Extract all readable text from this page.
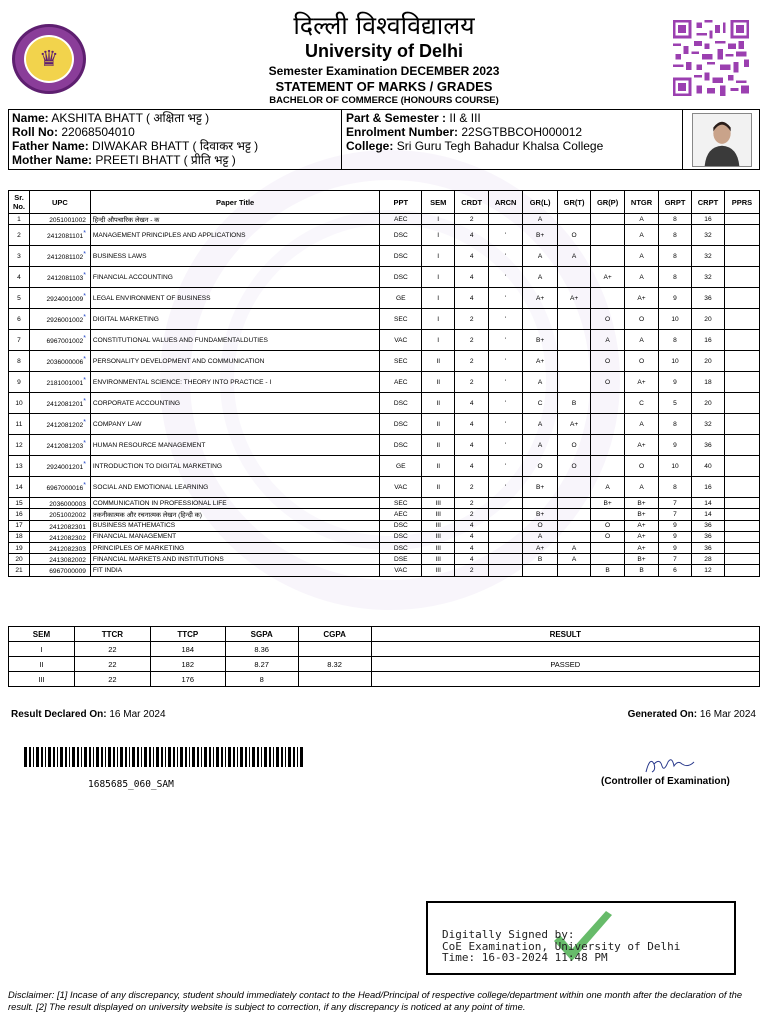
♛
दिल्ली विश्वविद्यालय
University of Delhi
Semester Examination DECEMBER 2023
STATEMENT OF MARKS / GRADES
BACHELOR OF COMMERCE (HONOURS COURSE)
Name: AKSHITA BHATT ( अक्षिता भट्ट )
Roll No: 22068504010
Father Name: DIWAKAR BHATT ( दिवाकर भट्ट )
Mother Name: PREETI BHATT ( प्रीति भट्ट )
Part & Semester : II & III
Enrolment Number: 22SGTBBCOH000012
College: Sri Guru Tegh Bahadur Khalsa College
Sr. No.	UPC	Paper Title	PPT	SEM	CRDT	ARCN	GR(L)	GR(T)	GR(P)	NTGR	GRPT	CRPT	PPRS
1	2051001002	हिन्दी औपचारिक लेखन - क	AEC	I	2		A			A	8	16	
2	2412081101*	MANAGEMENT PRINCIPLES AND APPLICATIONS	DSC	I	4	'	B+	O		A	8	32	
3	2412081102*	BUSINESS LAWS	DSC	I	4	'	A	A		A	8	32	
4	2412081103*	FINANCIAL ACCOUNTING	DSC	I	4	'	A		A+	A	8	32	
5	2924001009*	LEGAL ENVIRONMENT OF BUSINESS	GE	I	4	'	A+	A+		A+	9	36	
6	2926001002*	DIGITAL MARKETING	SEC	I	2	'			O	O	10	20	
7	6967001002*	CONSTITUTIONAL VALUES AND FUNDAMENTALDUTIES	VAC	I	2	'	B+		A	A	8	16	
8	2036000006*	PERSONALITY DEVELOPMENT AND COMMUNICATION	SEC	II	2	'	A+		O	O	10	20	
9	2181001001*	ENVIRONMENTAL SCIENCE: THEORY INTO PRACTICE - I	AEC	II	2	'	A		O	A+	9	18	
10	2412081201*	CORPORATE ACCOUNTING	DSC	II	4	'	C	B		C	5	20	
11	2412081202*	COMPANY LAW	DSC	II	4	'	A	A+		A	8	32	
12	2412081203*	HUMAN RESOURCE MANAGEMENT	DSC	II	4	'	A	O		A+	9	36	
13	2924001201*	INTRODUCTION TO DIGITAL MARKETING	GE	II	4	'	O	O		O	10	40	
14	6967000016*	SOCIAL AND EMOTIONAL LEARNING	VAC	II	2	'	B+		A	A	8	16	
15	2036000003	COMMUNICATION IN PROFESSIONAL LIFE	SEC	III	2				B+	B+	7	14	
16	2051002002	तकनीकात्मक और रचनात्मक लेखन (हिन्दी क)	AEC	III	2		B+			B+	7	14	
17	2412082301	BUSINESS MATHEMATICS	DSC	III	4		O		O	A+	9	36	
18	2412082302	FINANCIAL MANAGEMENT	DSC	III	4		A		O	A+	9	36	
19	2412082303	PRINCIPLES OF MARKETING	DSC	III	4		A+	A		A+	9	36	
20	2413082002	FINANCIAL MARKETS AND INSTITUTIONS	DSE	III	4		B	A		B+	7	28	
21	6967000009	FIT INDIA	VAC	III	2				B	B	6	12	
SEM	TTCR	TTCP	SGPA	CGPA	RESULT
I	22	184	8.36		
II	22	182	8.27	8.32	PASSED
III	22	176	8		
Result Declared On: 16 Mar 2024	Generated On: 16 Mar 2024
1685685_060_SAM	(Controller of Examination)
Digitally Signed by:
CoE Examination, University of Delhi
Time: 16-03-2024 11:48 PM
Disclaimer: [1] Incase of any discrepancy, student should immediately contact to the Head/Principal of respective college/department within one month after the declaration of the result. [2] The result displayed on university website is subject to correction, if any discrepancy is noticed at any point of time.
